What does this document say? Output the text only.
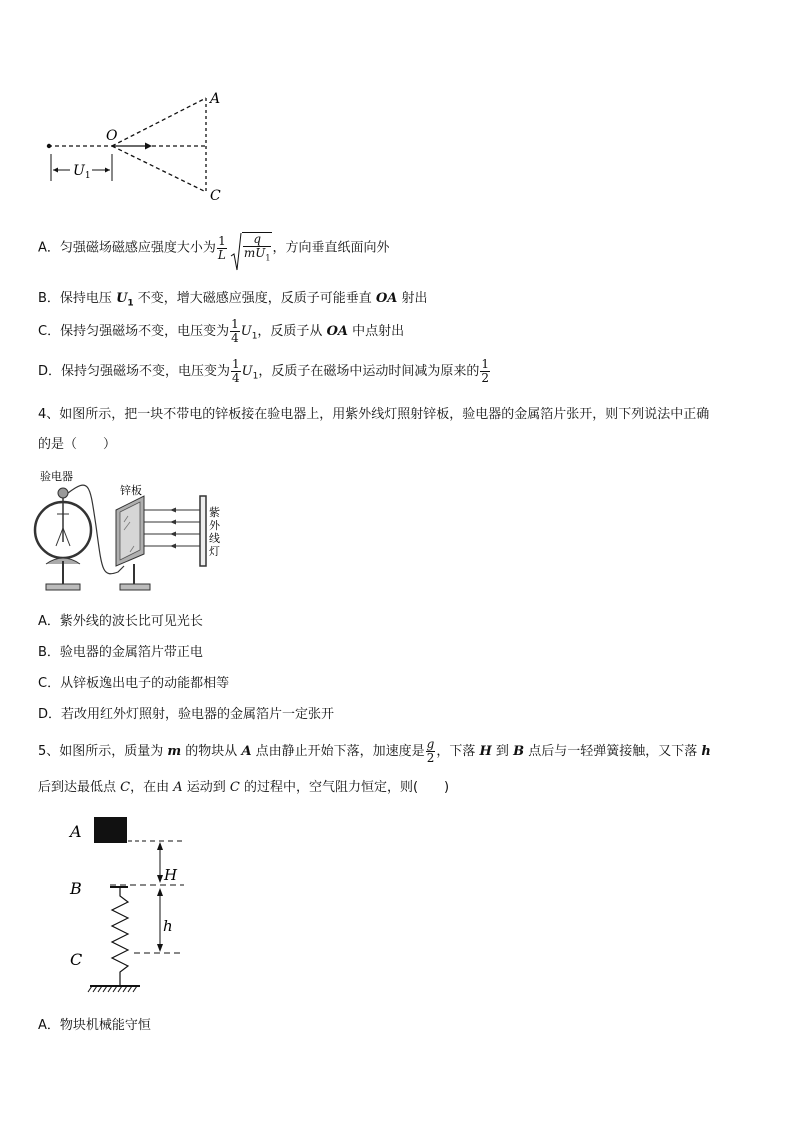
A
O
C
$U_1$
A．匀强磁场磁感应强度大小为 $\frac{1}{L} \frac{q}{mU_1}$ ，方向垂直纸面向外
B．保持电压 $U_1$ 不变，增大磁感应强度，反质子可能垂直 OA 射出
C．保持匀强磁场不变，电压变为 $\frac{1}{4} U_1$，反质子从 OA 中点射出
D．保持匀强磁场不变，电压变为 $\frac{1}{4} U_1$，反质子在磁场中运动时间减为原来的 $\frac{1}{2}$
4、如图所示，把一块不带电的锌板接在验电器上，用紫外线灯照射锌板，验电器的金属箔片张开，则下列说法中正确
的是（　　）
验电器
锌板
紫
外
线
灯
A．紫外线的波长比可见光长
B．验电器的金属箔片带正电
C．从锌板逸出电子的动能都相等
D．若改用红外灯照射，验电器的金属箔片一定张开
5、如图所示，质量为 m 的物块从 A 点由静止开始下落，加速度是 $\frac{g}{2}$ ，下落 H 到 B 点后与一轻弹簧接触，又下落 h
后到达最低点 C，在由 A 运动到 C 的过程中，空气阻力恒定，则(　　)
A
B
C
H
h
A．物块机械能守恒
